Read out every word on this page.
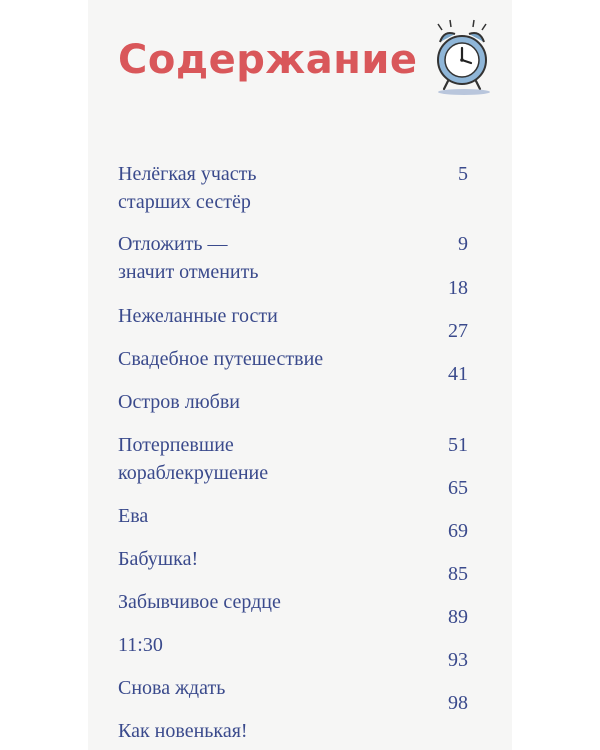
Содержание

Нелёгкая участь
старших сестёр

5

Отложить —
значит отменить

9

Нежеланные гости

18

Свадебное путешествие

27

Остров любви

41

Потерпевшие
кораблекрушение

51

Ева

65

Бабушка!

69

Забывчивое сердце

85

11:30

89

Снова ждать

93

Как новенькая!

98
